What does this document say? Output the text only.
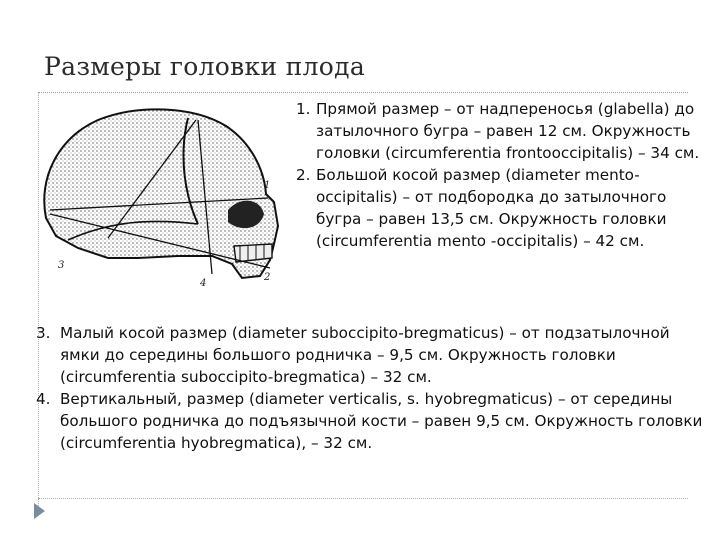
Размеры головки плода
1
2
3
4
1. Прямой размер – от надпереносья (glabella) до затылочного бугра – равен 12 см. Окружность головки (circumferentia frontooccipitalis) – 34 см.
2. Большой косой размер (diameter mento-occipitalis) – от подбородка до затылочного бугра – равен 13,5 см. Окружность головки (circumferentia mento -occipitalis) – 42 см.
3. Малый косой размер (diameter suboccipito-bregmaticus) – от подзатылочной ямки до середины большого родничка – 9,5 см. Окружность головки (circumferentia suboccipito-bregmatica) – 32 см.
4. Вертикальный, размер (diameter verticalis, s. hyobregmaticus) – от середины большого родничка до подъязычной кости – равен 9,5 см. Окружность головки (circumferentia hyobregmatica), – 32 см.
